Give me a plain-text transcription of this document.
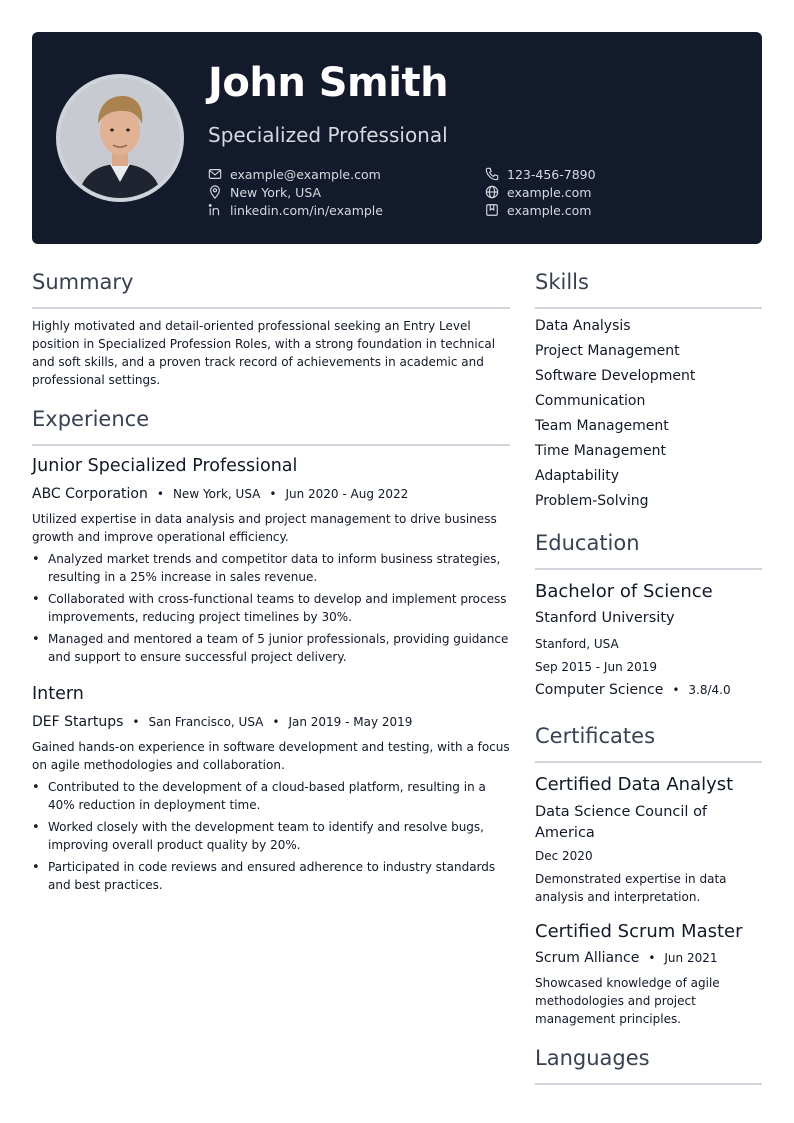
John Smith
Specialized Professional
example@example.com
New York, USA
linkedin.com/in/example
123-456-7890
example.com
example.com
Summary
Highly motivated and detail-oriented professional seeking an Entry Level position in Specialized Profession Roles, with a strong foundation in technical and soft skills, and a proven track record of achievements in academic and professional settings.
Experience
Junior Specialized Professional
ABC Corporation • New York, USA • Jun 2020 - Aug 2022
Utilized expertise in data analysis and project management to drive business growth and improve operational efficiency.
• Analyzed market trends and competitor data to inform business strategies, resulting in a 25% increase in sales revenue.
• Collaborated with cross-functional teams to develop and implement process improvements, reducing project timelines by 30%.
• Managed and mentored a team of 5 junior professionals, providing guidance and support to ensure successful project delivery.
Intern
DEF Startups • San Francisco, USA • Jan 2019 - May 2019
Gained hands-on experience in software development and testing, with a focus on agile methodologies and collaboration.
• Contributed to the development of a cloud-based platform, resulting in a 40% reduction in deployment time.
• Worked closely with the development team to identify and resolve bugs, improving overall product quality by 20%.
• Participated in code reviews and ensured adherence to industry standards and best practices.
Skills
Data Analysis
Project Management
Software Development
Communication
Team Management
Time Management
Adaptability
Problem-Solving
Education
Bachelor of Science
Stanford University
Stanford, USA
Sep 2015 - Jun 2019
Computer Science • 3.8/4.0
Certificates
Certified Data Analyst
Data Science Council of America
Dec 2020
Demonstrated expertise in data analysis and interpretation.
Certified Scrum Master
Scrum Alliance • Jun 2021
Showcased knowledge of agile methodologies and project management principles.
Languages
